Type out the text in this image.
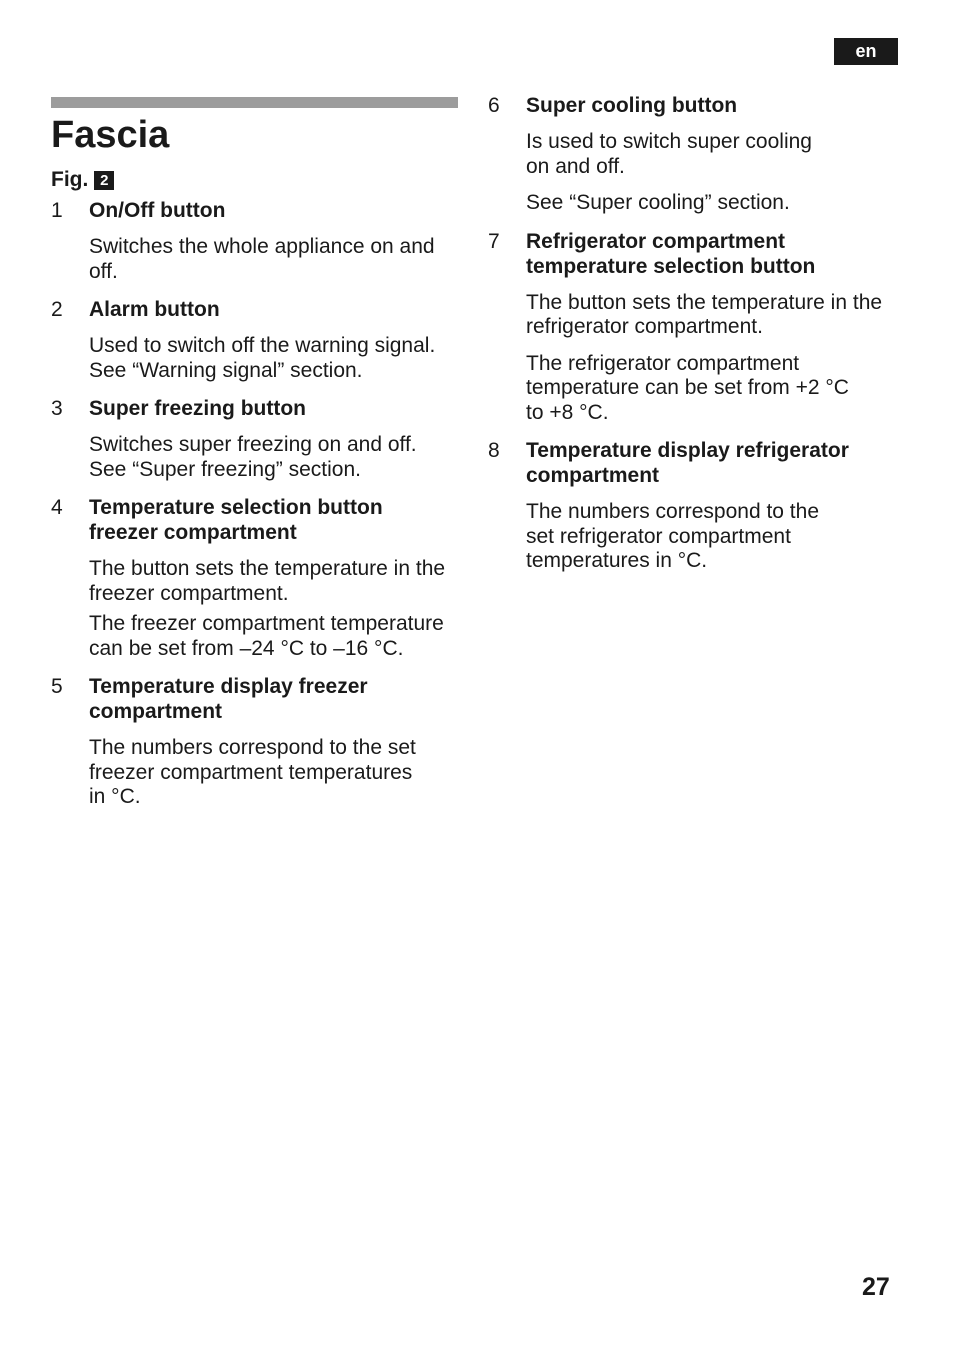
en
Fascia
Fig. 2
1	On/Off button

Switches the whole appliance on and
off.

2	Alarm button

Used to switch off the warning signal.
See “Warning signal” section.

3	Super freezing button

Switches super freezing on and off.
See “Super freezing” section.

4	Temperature selection button
freezer compartment

The button sets the temperature in the
freezer compartment.

The freezer compartment temperature
can be set from –24 °C to –16 °C.

5	Temperature display freezer
compartment

The numbers correspond to the set
freezer compartment temperatures
in °C.

6	Super cooling button

Is used to switch super cooling
on and off.

See “Super cooling” section.

7	Refrigerator compartment
temperature selection button

The button sets the temperature in the
refrigerator compartment.

The refrigerator compartment
temperature can be set from +2 °C
to +8 °C.

8	Temperature display refrigerator
compartment

The numbers correspond to the
set refrigerator compartment
temperatures in °C.

27
